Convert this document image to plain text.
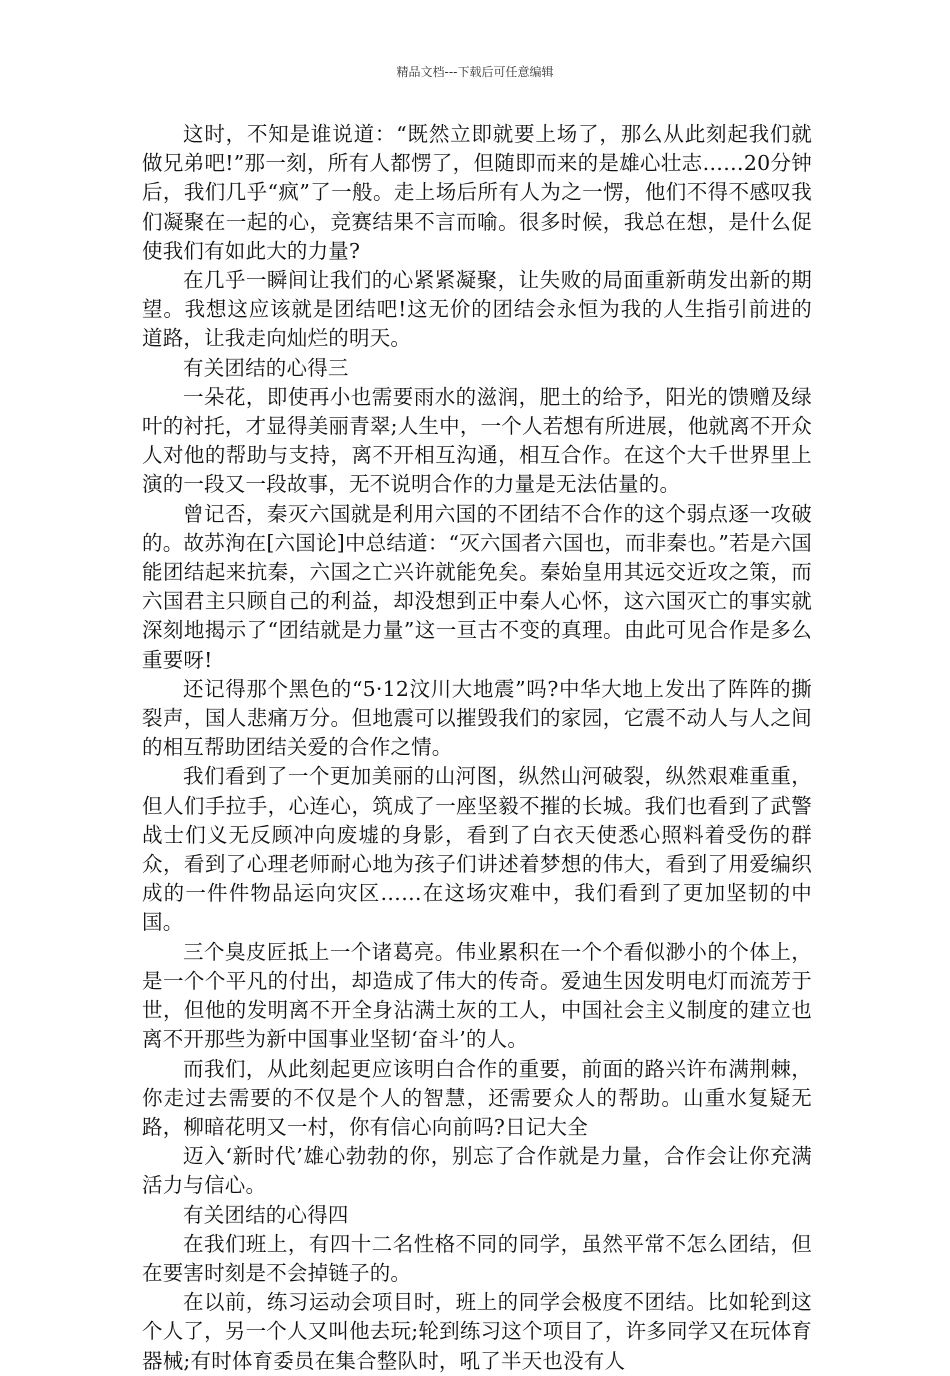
精品文档---下载后可任意编辑

这时，不知是谁说道：“既然立即就要上场了，那么从此刻起我们就做兄弟吧!”那一刻，所有人都愣了，但随即而来的是雄心壮志……20分钟后，我们几乎“疯”了一般。走上场后所有人为之一愣，他们不得不感叹我们凝聚在一起的心，竞赛结果不言而喻。很多时候，我总在想，是什么促使我们有如此大的力量?

在几乎一瞬间让我们的心紧紧凝聚，让失败的局面重新萌发出新的期望。我想这应该就是团结吧!这无价的团结会永恒为我的人生指引前进的道路，让我走向灿烂的明天。

有关团结的心得三

一朵花，即使再小也需要雨水的滋润，肥土的给予，阳光的馈赠及绿叶的衬托，才显得美丽青翠;人生中，一个人若想有所进展，他就离不开众人对他的帮助与支持，离不开相互沟通，相互合作。在这个大千世界里上演的一段又一段故事，无不说明合作的力量是无法估量的。

曾记否，秦灭六国就是利用六国的不团结不合作的这个弱点逐一攻破的。故苏洵在[六国论]中总结道：“灭六国者六国也，而非秦也。”若是六国能团结起来抗秦，六国之亡兴许就能免矣。秦始皇用其远交近攻之策，而六国君主只顾自己的利益，却没想到正中秦人心怀，这六国灭亡的事实就深刻地揭示了“团结就是力量”这一亘古不变的真理。由此可见合作是多么重要呀!

还记得那个黑色的“5·12汶川大地震”吗?中华大地上发出了阵阵的撕裂声，国人悲痛万分。但地震可以摧毁我们的家园，它震不动人与人之间的相互帮助团结关爱的合作之情。

我们看到了一个更加美丽的山河图，纵然山河破裂，纵然艰难重重，但人们手拉手，心连心，筑成了一座坚毅不摧的长城。我们也看到了武警战士们义无反顾冲向废墟的身影，看到了白衣天使悉心照料着受伤的群众，看到了心理老师耐心地为孩子们讲述着梦想的伟大，看到了用爱编织成的一件件物品运向灾区……在这场灾难中，我们看到了更加坚韧的中国。

三个臭皮匠抵上一个诸葛亮。伟业累积在一个个看似渺小的个体上，是一个个平凡的付出，却造成了伟大的传奇。爱迪生因发明电灯而流芳于世，但他的发明离不开全身沾满土灰的工人，中国社会主义制度的建立也离不开那些为新中国事业坚韧‘奋斗’的人。

而我们，从此刻起更应该明白合作的重要，前面的路兴许布满荆棘，你走过去需要的不仅是个人的智慧，还需要众人的帮助。山重水复疑无路，柳暗花明又一村，你有信心向前吗?日记大全

迈入‘新时代’雄心勃勃的你，别忘了合作就是力量，合作会让你充满活力与信心。

有关团结的心得四

在我们班上，有四十二名性格不同的同学，虽然平常不怎么团结，但在要害时刻是不会掉链子的。

在以前，练习运动会项目时，班上的同学会极度不团结。比如轮到这个人了，另一个人又叫他去玩;轮到练习这个项目了，许多同学又在玩体育器械;有时体育委员在集合整队时，吼了半天也没有人
